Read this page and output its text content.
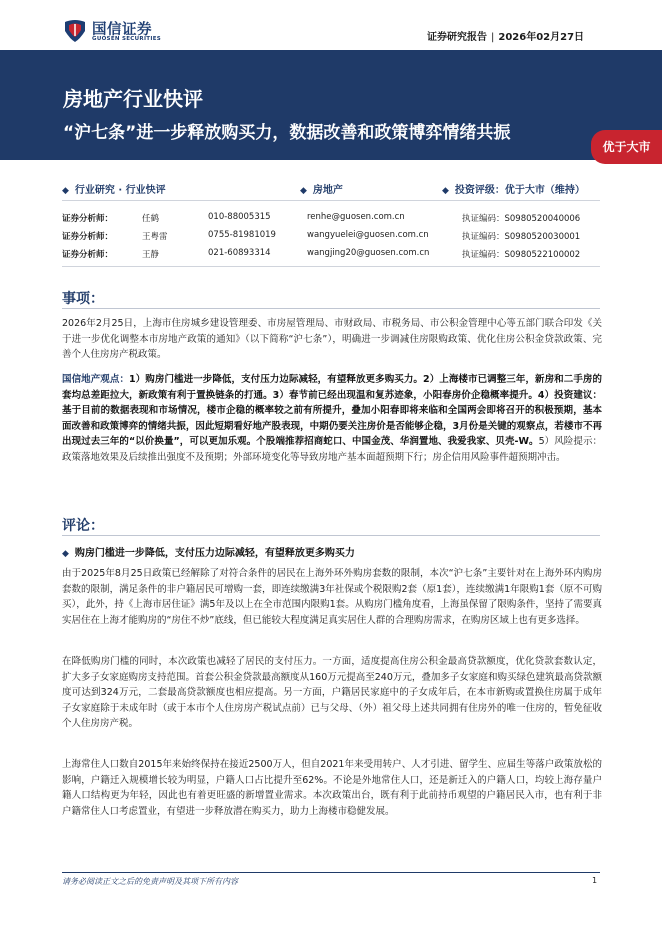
国信证券
GUOSEN SECURITIES	证券研究报告 | 2026年02月27日
房地产行业快评
“沪七条”进一步释放购买力，数据改善和政策博弈情绪共振
优于大市
◆ 行业研究 · 行业快评	◆ 房地产	◆ 投资评级：优于大市（维持）
证券分析师：	任鹤	010-88005315	renhe@guosen.com.cn	执证编码：S0980520040006
证券分析师：	王粤雷	0755-81981019	wangyuelei@guosen.com.cn	执证编码：S0980520030001
证券分析师：	王静	021-60893314	wangjing20@guosen.com.cn	执证编码：S0980522100002
事项：
2026年2月25日，上海市住房城乡建设管理委、市房屋管理局、市财政局、市税务局、市公积金管理中心等五部门联合印发《关于进一步优化调整本市房地产政策的通知》（以下简称“沪七条”），明确进一步调减住房限购政策、优化住房公积金贷款政策、完善个人住房房产税政策。
国信地产观点：1）购房门槛进一步降低，支付压力边际减轻，有望释放更多购买力。2）上海楼市已调整三年，新房和二手房的套均总差距拉大，新政策有利于置换链条的打通。3）春节前已经出现温和复苏迹象，小阳春房价企稳概率提升。4）投资建议：基于目前的数据表现和市场情况，楼市企稳的概率较之前有所提升，叠加小阳春即将来临和全国两会即将召开的积极预期，基本面改善和政策博弈的情绪共振，因此短期看好地产股表现，中期仍要关注房价是否能够企稳，3月份是关键的观察点，若楼市不再出现过去三年的“以价换量”，可以更加乐观。个股端推荐招商蛇口、中国金茂、华润置地、我爱我家、贝壳-W。5）风险提示：政策落地效果及后续推出强度不及预期；外部环境变化等导致房地产基本面超预期下行；房企信用风险事件超预期冲击。
评论：
◆ 购房门槛进一步降低，支付压力边际减轻，有望释放更多购买力
由于2025年8月25日政策已经解除了对符合条件的居民在上海外环外购房套数的限制，本次“沪七条”主要针对在上海外环内购房套数的限制，满足条件的非户籍居民可增购一套，即连续缴满3年社保或个税限购2套（原1套），连续缴满1年限购1套（原不可购买），此外，持《上海市居住证》满5年及以上在全市范围内限购1套。从购房门槛角度看，上海虽保留了限购条件，坚持了需要真实居住在上海才能购房的“房住不炒”底线，但已能较大程度满足真实居住人群的合理购房需求，在购房区域上也有更多选择。
在降低购房门槛的同时，本次政策也减轻了居民的支付压力。一方面，适度提高住房公积金最高贷款额度，优化贷款套数认定，扩大多子女家庭购房支持范围。首套公积金贷款最高额度从160万元提高至240万元，叠加多子女家庭和购买绿色建筑最高贷款额度可达到324万元，二套最高贷款额度也相应提高。另一方面，户籍居民家庭中的子女成年后，在本市新购或置换住房属于成年子女家庭除于未成年时（或于本市个人住房房产税试点前）已与父母、（外）祖父母上述共同拥有住房外的唯一住房的，暂免征收个人住房房产税。
上海常住人口数自2015年来始终保持在接近2500万人，但自2021年来受用转户、人才引进、留学生、应届生等落户政策放松的影响，户籍迁入规模增长较为明显，户籍人口占比提升至62%。不论是外地常住人口，还是新迁入的户籍人口，均较上海存量户籍人口结构更为年轻，因此也有着更旺盛的新增置业需求。本次政策出台，既有利于此前持币观望的户籍居民入市，也有利于非户籍常住人口考虑置业，有望进一步释放潜在购买力，助力上海楼市稳健发展。
请务必阅读正文之后的免责声明及其项下所有内容	1
